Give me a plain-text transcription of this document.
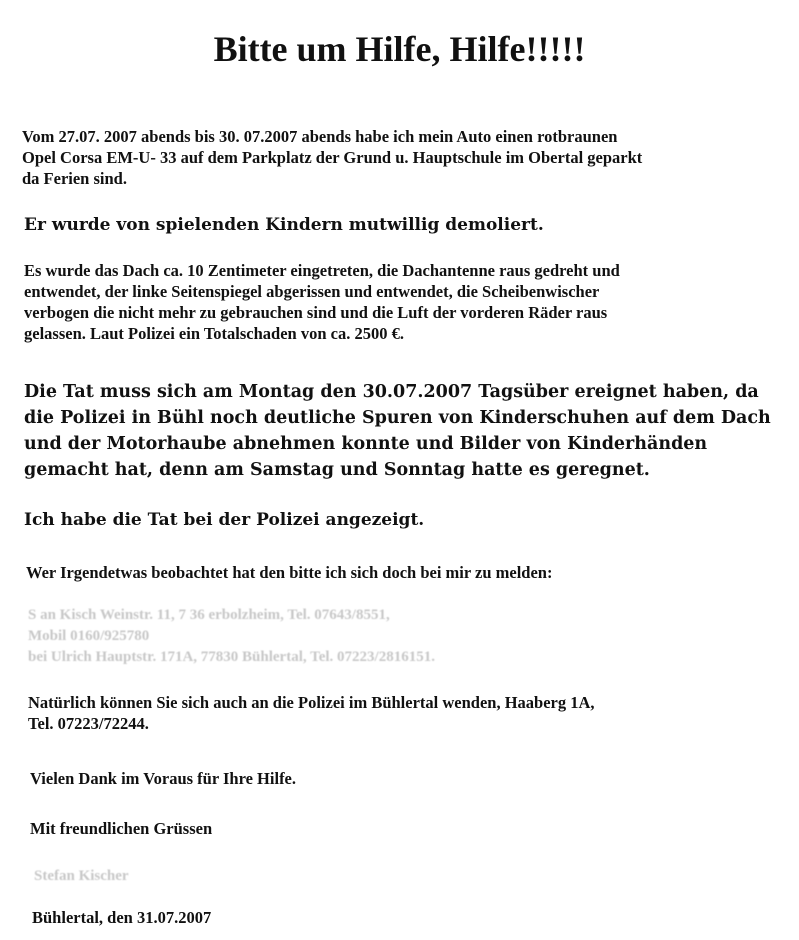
Bitte um Hilfe, Hilfe!!!!!
Vom 27.07. 2007 abends bis 30. 07.2007 abends habe ich mein Auto einen rotbraunen
Opel Corsa EM-U- 33 auf dem Parkplatz der Grund u. Hauptschule im Obertal geparkt
da Ferien sind.
Er wurde von spielenden Kindern mutwillig demoliert.
Es wurde das Dach ca. 10 Zentimeter eingetreten, die Dachantenne raus gedreht und
entwendet, der linke Seitenspiegel abgerissen und entwendet, die Scheibenwischer
verbogen die nicht mehr zu gebrauchen sind und die Luft der vorderen Räder raus
gelassen. Laut Polizei ein Totalschaden von ca. 2500 €.
Die Tat muss sich am Montag den 30.07.2007 Tagsüber ereignet haben, da
die Polizei in Bühl noch deutliche Spuren von Kinderschuhen auf dem Dach
und der Motorhaube abnehmen konnte und Bilder von Kinderhänden
gemacht hat, denn am Samstag und Sonntag hatte es geregnet.
Ich habe die Tat bei der Polizei angezeigt.
Wer Irgendetwas beobachtet hat den bitte ich sich doch bei mir zu melden:
S an Kisch Weinstr. 11, 7 36 erbolzheim, Tel. 07643/8551,
Mobil 0160/925780
bei Ulrich Hauptstr. 171A, 77830 Bühlertal, Tel. 07223/2816151.
Natürlich können Sie sich auch an die Polizei im Bühlertal wenden, Haaberg 1A,
Tel. 07223/72244.
Vielen Dank im Voraus für Ihre Hilfe.
Mit freundlichen Grüssen
Stefan Kischer
Bühlertal, den 31.07.2007
